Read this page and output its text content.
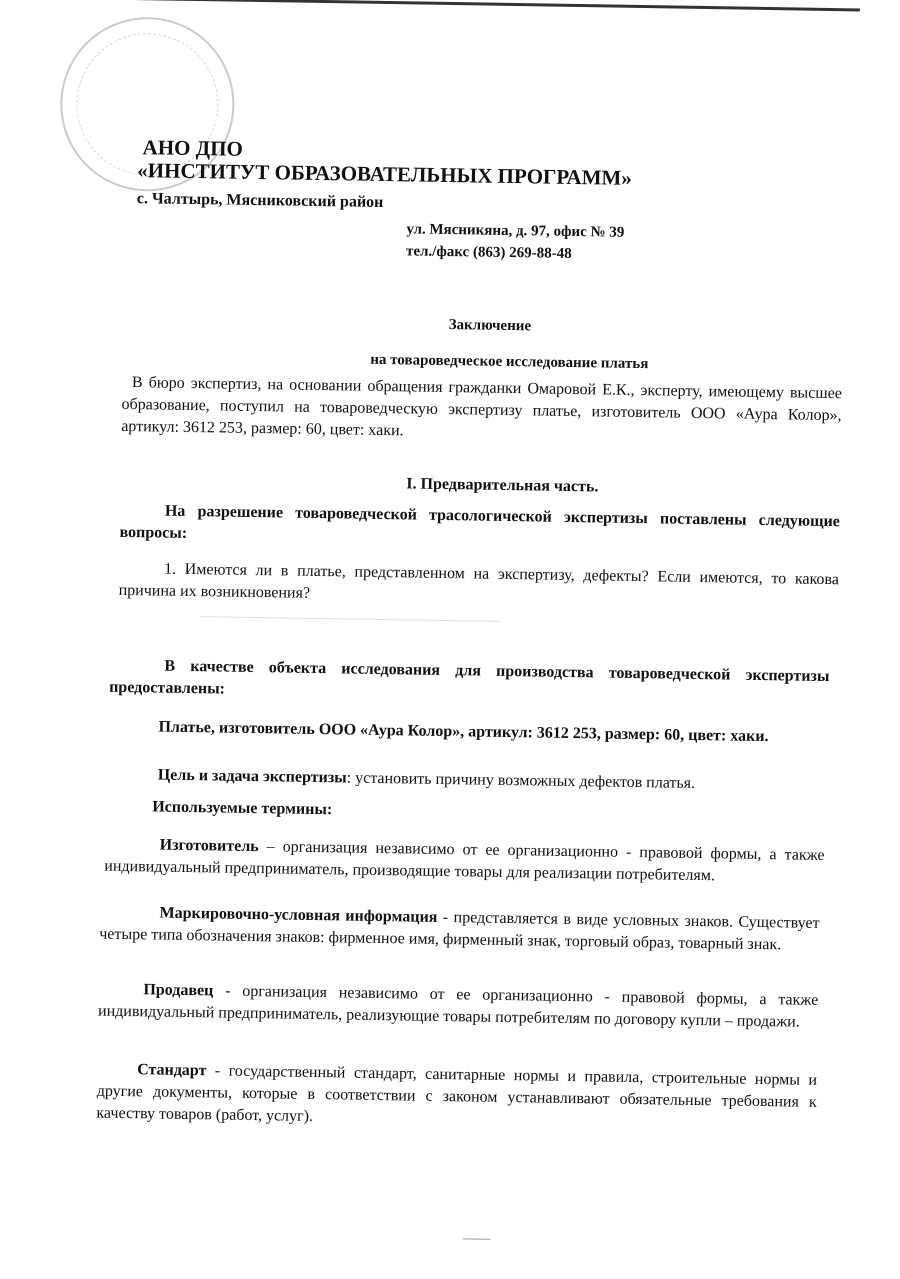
АНО ДПО
«ИНСТИТУТ ОБРАЗОВАТЕЛЬНЫХ ПРОГРАММ»
с. Чалтырь, Мясниковский район
ул. Мясникяна, д. 97, офис № 39
тел./факс (863) 269-88-48
Заключение
на товароведческое исследование платья
В бюро экспертиз, на основании обращения гражданки Омаровой Е.К., эксперту, имеющему высшее образование, поступил на товароведческую экспертизу платье, изготовитель ООО «Аура Колор», артикул: 3612 253, размер: 60, цвет: хаки.
I. Предварительная часть.
На разрешение товароведческой трасологичеcкой экспертизы поставлены следующие вопросы:
1. Имеются ли в платье, представленном на экспертизу, дефекты? Если имеются, то какова причина их возникновения?
В качестве объекта исследования для производства товароведческой экспертизы предоставлены:
Платье, изготовитель ООО «Аура Колор», артикул: 3612 253, размер: 60, цвет: хаки.
Цель и задача экспертизы: установить причину возможных дефектов платья.
Используемые термины:
Изготовитель – организация независимо от ее организационно - правовой формы, а также индивидуальный предприниматель, производящие товары для реализации потребителям.
Маркировочно-условная информация - представляется в виде условных знаков. Существует четыре типа обозначения знаков: фирменное имя, фирменный знак, торговый образ, товарный знак.
Продавец - организация независимо от ее организационно - правовой формы, а также индивидуальный предприниматель, реализующие товары потребителям по договору купли – продажи.
Стандарт - государственный стандарт, санитарные нормы и правила, строительные нормы и другие документы, которые в соответствии с законом устанавливают обязательные требования к качеству товаров (работ, услуг).
